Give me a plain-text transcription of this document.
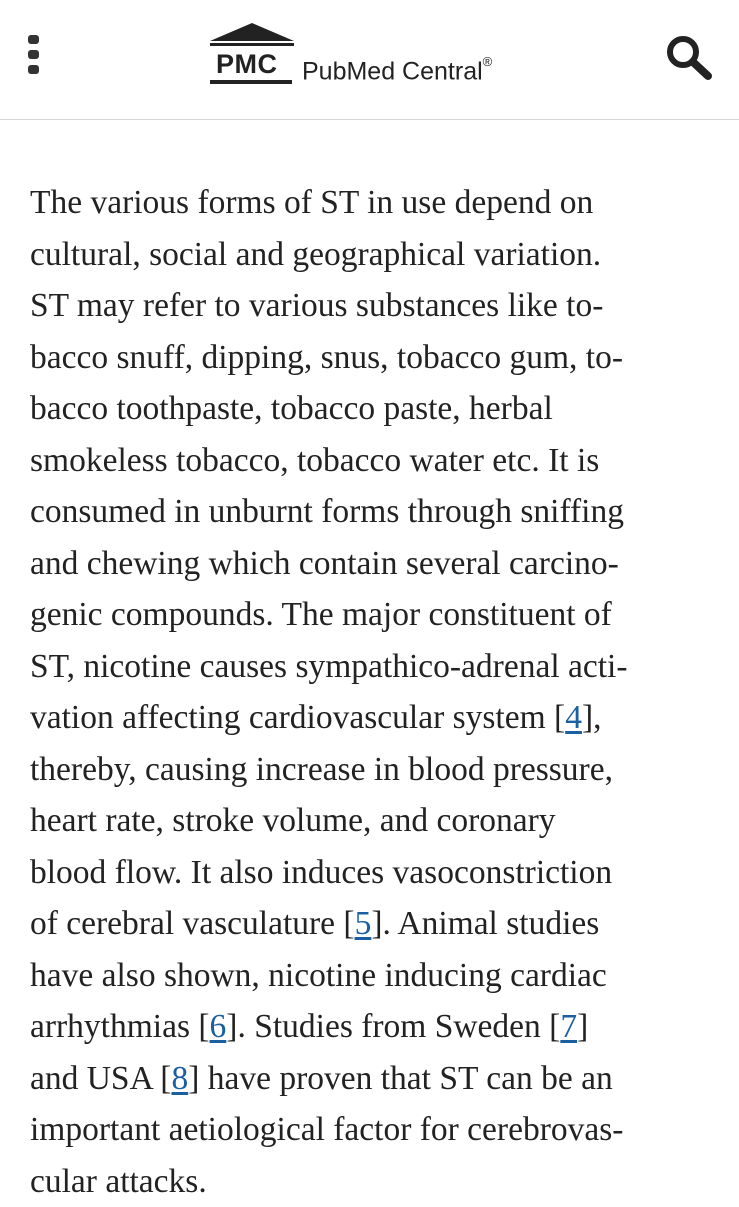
PMC PubMed Central®

The various forms of ST in use depend on
cultural, social and geographical variation.
ST may refer to various substances like to-
bacco snuff, dipping, snus, tobacco gum, to-
bacco toothpaste, tobacco paste, herbal
smokeless tobacco, tobacco water etc. It is
consumed in unburnt forms through sniffing
and chewing which contain several carcino-
genic compounds. The major constituent of
ST, nicotine causes sympathico-adrenal acti-
vation affecting cardiovascular system [4],
thereby, causing increase in blood pressure,
heart rate, stroke volume, and coronary
blood flow. It also induces vasoconstriction
of cerebral vasculature [5]. Animal studies
have also shown, nicotine inducing cardiac
arrhythmias [6]. Studies from Sweden [7]
and USA [8] have proven that ST can be an
important aetiological factor for cerebrovas-
cular attacks.
